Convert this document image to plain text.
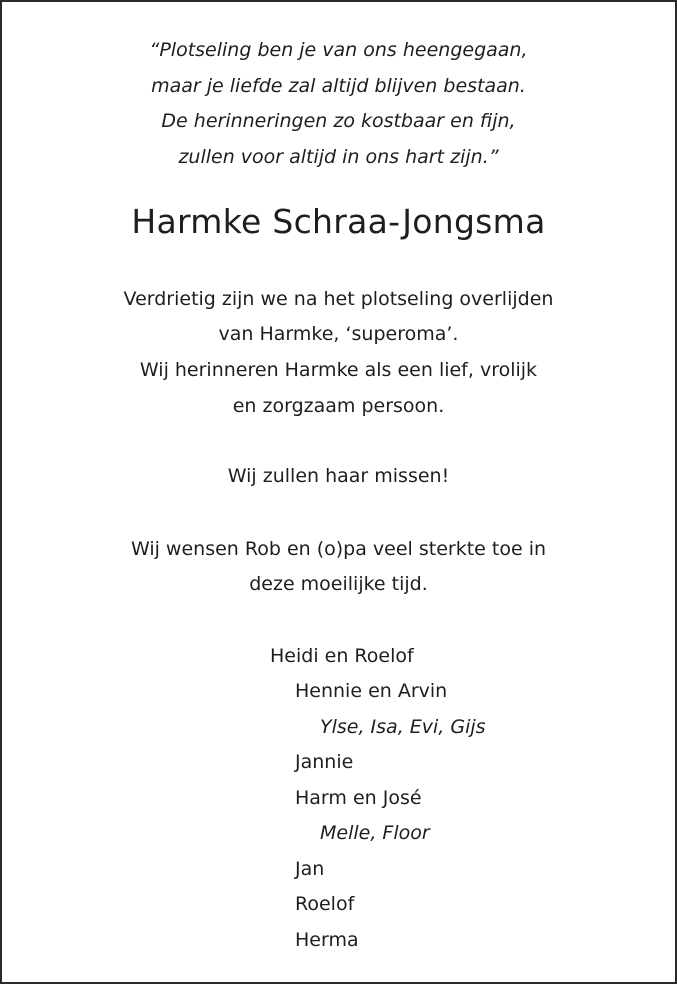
“Plotseling ben je van ons heengegaan,
maar je liefde zal altijd blijven bestaan.
De herinneringen zo kostbaar en fijn,
zullen voor altijd in ons hart zijn.”
Harmke Schraa-Jongsma
Verdrietig zijn we na het plotseling overlijden
van Harmke, ‘superoma’.
Wij herinneren Harmke als een lief, vrolijk
en zorgzaam persoon.
Wij zullen haar missen!
Wij wensen Rob en (o)pa veel sterkte toe in
deze moeilijke tijd.
Heidi en Roelof
Hennie en Arvin
Ylse, Isa, Evi, Gijs
Jannie
Harm en José
Melle, Floor
Jan
Roelof
Herma
